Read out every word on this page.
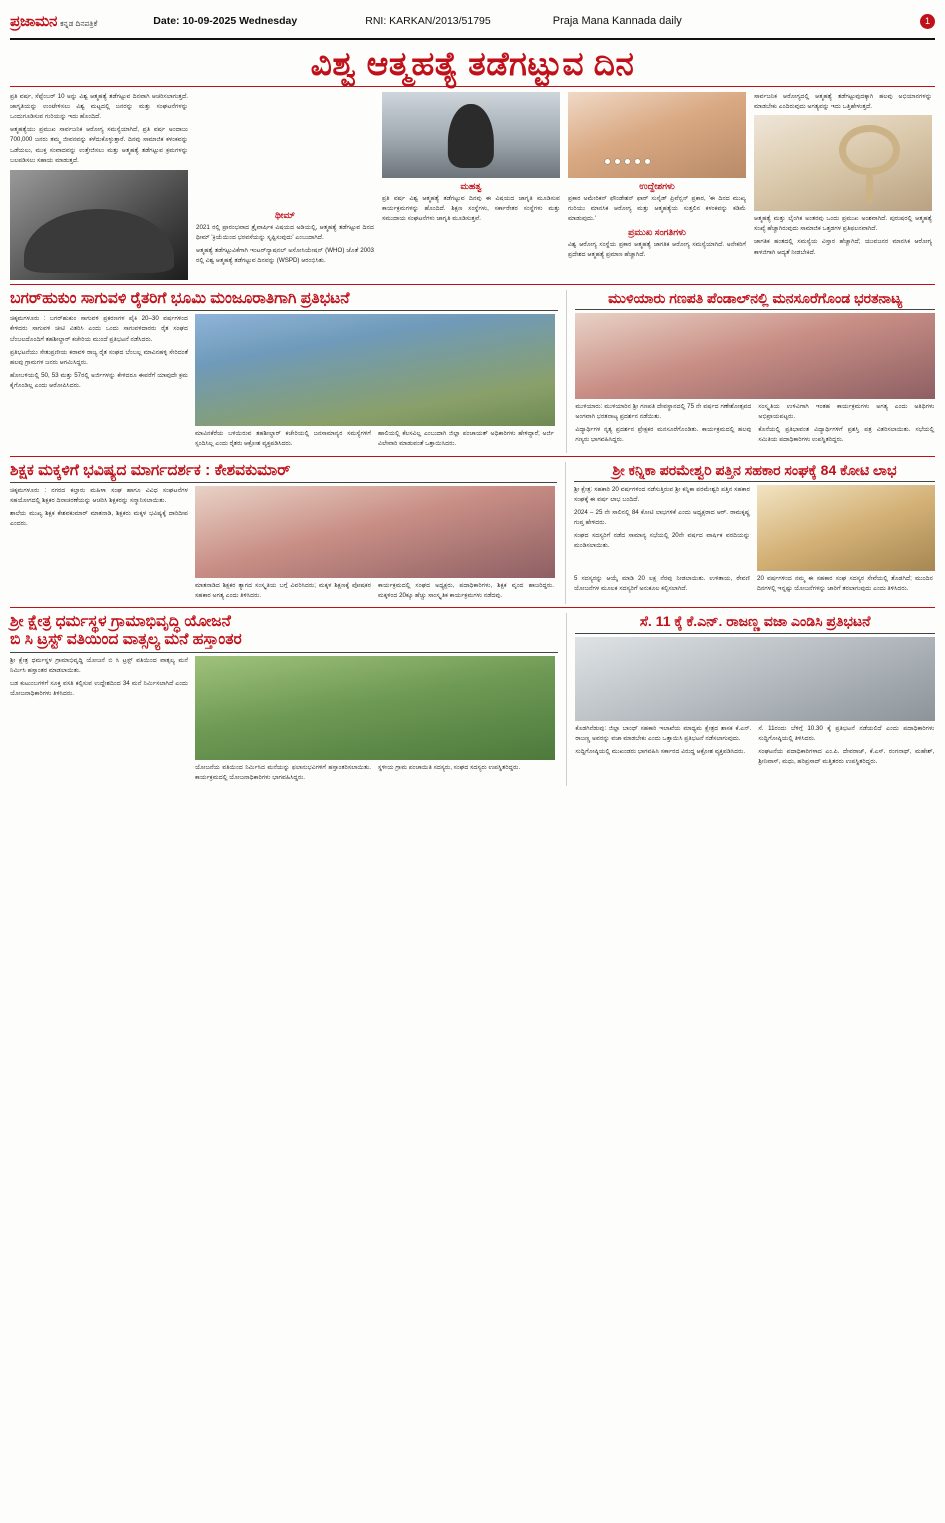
ಪ್ರಜಾ‌ಮನ ಕನ್ನಡ ದಿನಪತ್ರಿಕೆ	Date: 10-09-2025 Wednesday	RNI: KARKAN/2013/51795	Praja Mana Kannada daily	1
ವಿಶ್ವ ಆತ್ಮಹತ್ಯೆ ತಡೆಗಟ್ಟುವ ದಿನ

ಪ್ರತಿ ವರ್ಷ, ಸೆಪ್ಟೆಂಬರ್ 10 ಅನ್ನು ವಿಶ್ವ ಆತ್ಮಹತ್ಯೆ ತಡೆಗಟ್ಟುವ ದಿನವಾಗಿ ಆಚರಿಸಲಾಗುತ್ತದೆ. ಜಾಗೃತಿಯನ್ನು ಉಂಟೇಳಿಸಲು ವಿಶ್ವ ಮಟ್ಟದಲ್ಲಿ ಜನರನ್ನು ಮತ್ತು ಸಂಘಟನೆಗಳನ್ನು ಒಂದುಗೂಡಿಸುವ ಗುರಿಯನ್ನು ಇದು ಹೊಂದಿದೆ.

ಆತ್ಮಹತ್ಯೆಯು ಪ್ರಮುಖ ಸಾರ್ವಜನಿಕ ಆರೋಗ್ಯ ಸಮಸ್ಯೆಯಾಗಿದೆ, ಪ್ರತಿ ವರ್ಷ ಅಂದಾಜು 700,000 ಜನರು ತಮ್ಮ ಜೀವನವನ್ನು ಕಳೆದುಕೊಳ್ಳುತ್ತಾರೆ. ದಿನವು ಸಾಮಾಜಿಕ ಕಳಂಕವನ್ನು ಒಡೆಯಲು, ಮುಕ್ತ ಸಂವಾದವನ್ನು ಉತ್ತೇಜಿಸಲು ಮತ್ತು ಆತ್ಮಹತ್ಯೆ ತಡೆಗಟ್ಟುವ ಕ್ರಮಗಳನ್ನು ಬಲಪಡಿಸಲು ಸಹಾಯ ಮಾಡುತ್ತದೆ.

ಥೀಮ್

2021 ರಲ್ಲಿ ಪ್ರಾರಂಭವಾದ ತ್ರೈವಾರ್ಷಿಕ ವಿಷಯದ ಅಡಿಯಲ್ಲಿ, ಆತ್ಮಹತ್ಯೆ ತಡೆಗಟ್ಟುವ ದಿನದ ಥೀಮ್ 'ಕ್ರಿಯೆಯಿಂದ ಭರವಸೆಯನ್ನು ಸೃಷ್ಟಿಸುವುದು' ಎಂಬುದಾಗಿದೆ.

ಆತ್ಮಹತ್ಯೆ ತಡೆಗಟ್ಟುವಿಕೆಗಾಗಿ ಇಂಟರ್‌ನ್ಯಾಷನಲ್ ಅಸೋಸಿಯೇಷನ್ (WHO) ಜೊತೆ 2003 ರಲ್ಲಿ ವಿಶ್ವ ಆತ್ಮಹತ್ಯೆ ತಡೆಗಟ್ಟುವ ದಿನವನ್ನು (WSPD) ಆರಂಭಿಸಿತು.

ಮಹತ್ವ

ಪ್ರತಿ ವರ್ಷ ವಿಶ್ವ ಆತ್ಮಹತ್ಯೆ ತಡೆಗಟ್ಟುವ ದಿನವು ಈ ವಿಷಯದ ಜಾಗೃತಿ ಮೂಡಿಸುವ ಕಾರ್ಯಕ್ರಮಗಳನ್ನು ಹೊಂದಿದೆ. ಶಿಕ್ಷಣ ಸಂಸ್ಥೆಗಳು, ಸರ್ಕಾರೇತರ ಸಂಸ್ಥೆಗಳು ಮತ್ತು ಸಮುದಾಯ ಸಂಘಟನೆಗಳು ಜಾಗೃತಿ ಮೂಡಿಸುತ್ತವೆ.

ಉದ್ದೇಶಗಳು

ಪ್ರಕಾರ ಅಮೇರಿಕನ್ ಫೌಂಡೇಶನ್ ಫಾರ್ ಸುಸೈಡ್ ಪ್ರಿವೆನ್ಷನ್ ಪ್ರಕಾರ, 'ಈ ದಿನದ ಮುಖ್ಯ ಗುರಿಯು ಮಾನಸಿಕ ಆರೋಗ್ಯ ಮತ್ತು ಆತ್ಮಹತ್ಯೆಯ ಸುತ್ತಲಿನ ಕಳಂಕವನ್ನು ಕಡಿಮೆ ಮಾಡುವುದು.'

ಪ್ರಮುಖ ಸಂಗತಿಗಳು

ವಿಶ್ವ ಆರೋಗ್ಯ ಸಂಸ್ಥೆಯ ಪ್ರಕಾರ ಆತ್ಮಹತ್ಯೆ ಜಾಗತಿಕ ಆರೋಗ್ಯ ಸಮಸ್ಯೆಯಾಗಿದೆ. ಅನೇಕರಿಗೆ ಪ್ರದೇಶದ ಆತ್ಮಹತ್ಯೆ ಪ್ರಮಾಣ ಹೆಚ್ಚಾಗಿದೆ.

ಸಾರ್ವಜನಿಕ ಆರೋಗ್ಯದಲ್ಲಿ ಆತ್ಮಹತ್ಯೆ ತಡೆಗಟ್ಟುವುದಕ್ಕಾಗಿ ಹಲವು ಅಭಿಯಾನಗಳನ್ನು ಮಾಡಬೇಕು ಎಂದಿರುವುದು ಅಗತ್ಯವನ್ನು ಇದು ಒತ್ತಿಹೇಳುತ್ತದೆ.

ಆತ್ಮಹತ್ಯೆ ಮತ್ತು ಲೈಂಗಿಕ ಅಂತರವು ಒಂದು ಪ್ರಮುಖ ಅಂಶವಾಗಿದೆ. ಪುರುಷರಲ್ಲಿ ಆತ್ಮಹತ್ಯೆ ಸಂಖ್ಯೆ ಹೆಚ್ಚಾಗಿರುವುದು ಸಾಮಾಜಿಕ ಒತ್ತಡಗಳ ಪ್ರತಿಫಲನವಾಗಿದೆ.

ಜಾಗತಿಕ ಹಂತದಲ್ಲಿ ಸಮಸ್ಯೆಯ ವಿಸ್ತಾರ ಹೆಚ್ಚಾಗಿದೆ; ಯುವಜನರ ಮಾನಸಿಕ ಆರೋಗ್ಯ ಕಾಳಜಿಗಾಗಿ ಆದ್ಯತೆ ನೀಡಬೇಕಿದೆ.

ಬಗರ್‌ಹುಕುಂ ಸಾಗುವಳಿ ರೈತರಿಗೆ ಭೂಮಿ ಮಂಜೂರಾತಿಗಾಗಿ ಪ್ರತಿಭಟನೆ

ಚಿಕ್ಕಮಗಳೂರು : ಬಗರ್‌ಹುಕುಂ ಸಾಗುವಳಿ ಪ್ರಕರಣಗಳ ಪೈಕಿ 20–30 ವರ್ಷಗಳಿಂದ ಕೇಳಿದರು ಸಾಗುವಳಿ ಚೀಟಿ ವಿತರಿಸಿ ಎಂದು ಒಂದು ಸಾಗುವಳಿದಾರರು ರೈತ ಸಂಘದ ಬೆಂಬಲದೊಂದಿಗೆ ತಹಶೀಲ್ದಾರ್ ಕಚೇರಿಯ ಮುಂದೆ ಪ್ರತಿಭಟನೆ ನಡೆಸಿದರು.

ಪ್ರತಿಭಟನೆಯು ಸೇತುಪ್ರಣೀಯ ಕರಾವಳಿ ರಾಜ್ಯ ರೈತ ಸಂಘದ ಬೆಂಬಲ್ಲ ಮಾವಿನಹಳ್ಳಿ ಸೇರಿದಂತೆ ಹಲವು ಗ್ರಾಮಗಳ ಜನರು ಆಗಮಿಸಿದ್ದರು.

ಹೋಬಳಿಯಲ್ಲಿ 50, 53 ಮತ್ತು 57ರಲ್ಲಿ ಅರ್ಜಿಗಳನ್ನು ಕೇಳಿದರೂ ಈವರೆಗೆ ಯಾವುದೇ ಕ್ರಮ ಕೈಗೊಂಡಿಲ್ಲ ಎಂದು ಆರೋಪಿಸಿದರು.

ಮಾವಿನಕೆರೆಯ ಬಳಿಯಿರುವ ತಹಶೀಲ್ದಾರ್ ಕಚೇರಿಯಲ್ಲಿ ಜನಸಾಮಾನ್ಯರ ಸಮಸ್ಯೆಗಳಿಗೆ ಸ್ಪಂದಿಸಿಲ್ಲ ಎಂದು ರೈತರು ಆಕ್ರೋಶ ವ್ಯಕ್ತಪಡಿಸಿದರು.

ಹಾಲಿಯಲ್ಲಿ ಕೆಲಸವಿಲ್ಲ ಎಂಬುದಾಗಿ ಜಿಲ್ಲಾ ಪಂಚಾಯತ್ ಅಧಿಕಾರಿಗಳು ಹೇಳಿದ್ದಾರೆ; ಅರ್ಜಿ ವಿಲೇವಾರಿ ಮಾಡುವಂತೆ ಒತ್ತಾಯಿಸಿದರು.

ಮುಳಿಯಾರು ಗಣಪತಿ ಪೆಂಡಾಲ್‌ನಲ್ಲಿ ಮನಸೂರೆಗೊಂಡ ಭರತನಾಟ್ಯ

ಮುಳಿಯಾರು: ಮುಳಿಯಾರಿನ ಶ್ರೀ ಗಣಪತಿ ದೇವಸ್ಥಾನದಲ್ಲಿ 75 ನೇ ವರ್ಷದ ಗಣೇಶೋತ್ಸವದ ಅಂಗವಾಗಿ ಭರತನಾಟ್ಯ ಪ್ರದರ್ಶನ ನಡೆಯಿತು.

ವಿದ್ಯಾರ್ಥಿಗಳ ನೃತ್ಯ ಪ್ರದರ್ಶನ ಪ್ರೇಕ್ಷಕರ ಮನಸೂರೆಗೊಂಡಿತು. ಕಾರ್ಯಕ್ರಮದಲ್ಲಿ ಹಲವು ಗಣ್ಯರು ಭಾಗವಹಿಸಿದ್ದರು.

ಸಂಸ್ಕೃತಿಯ ಉಳಿವಿಗಾಗಿ ಇಂತಹ ಕಾರ್ಯಕ್ರಮಗಳು ಅಗತ್ಯ ಎಂದು ಅತಿಥಿಗಳು ಅಭಿಪ್ರಾಯಪಟ್ಟರು.

ಕೊನೆಯಲ್ಲಿ ಪ್ರತಿಭಾವಂತ ವಿದ್ಯಾರ್ಥಿಗಳಿಗೆ ಪ್ರಶಸ್ತಿ ಪತ್ರ ವಿತರಿಸಲಾಯಿತು. ಸಭೆಯಲ್ಲಿ ಸಮಿತಿಯ ಪದಾಧಿಕಾರಿಗಳು ಉಪಸ್ಥಿತರಿದ್ದರು.

ಶಿಕ್ಷಕ ಮಕ್ಕಳಿಗೆ ಭವಿಷ್ಯದ ಮಾರ್ಗದರ್ಶಕ : ಕೇಶವಕುಮಾರ್

ಚಿಕ್ಕಮಗಳೂರು : ನಗರದ ಕಲ್ತಾರು ಮಹಿಳಾ ಸಂಘ ಹಾಗೂ ವಿವಿಧ ಸಂಘಟನೆಗಳ ಸಹಯೋಗದಲ್ಲಿ ಶಿಕ್ಷಕರ ದಿನಾಚರಣೆಯನ್ನು ಆಚರಿಸಿ ಶಿಕ್ಷಕರನ್ನು ಸನ್ಮಾನಿಸಲಾಯಿತು.

ಶಾಲೆಯ ಮುಖ್ಯ ಶಿಕ್ಷಕ ಕೇಶವಕುಮಾರ್ ಮಾತನಾಡಿ, ಶಿಕ್ಷಕರು ಮಕ್ಕಳ ಭವಿಷ್ಯಕ್ಕೆ ದಾರಿದೀಪ ಎಂದರು.

ಮಾತನಾಡಿದ ಶಿಕ್ಷಕರ ತ್ಯಾಗದ ಸಂಸ್ಕೃತಿಯ ಬಗ್ಗೆ ವಿವರಿಸಿದರು; ಮಕ್ಕಳ ಶಿಕ್ಷಣಕ್ಕೆ ಪೋಷಕರ ಸಹಕಾರ ಅಗತ್ಯ ಎಂದು ತಿಳಿಸಿದರು.

ಕಾರ್ಯಕ್ರಮದಲ್ಲಿ ಸಂಘದ ಅಧ್ಯಕ್ಷರು, ಪದಾಧಿಕಾರಿಗಳು, ಶಿಕ್ಷಕ ವೃಂದ ಹಾಜರಿದ್ದರು. ಮಕ್ಕಳಿಂದ 20ಕ್ಕೂ ಹೆಚ್ಚು ಸಾಂಸ್ಕೃತಿಕ ಕಾರ್ಯಕ್ರಮಗಳು ನಡೆದವು.

ಶ್ರೀ ಕನ್ನಿಕಾ ಪರಮೇಶ್ವರಿ ಪತ್ತಿನ ಸಹಕಾರ ಸಂಘಕ್ಕೆ 84 ಕೋಟಿ ಲಾಭ

ಶ್ರೀ ಕ್ಷೇತ್ರ: ಸಹಕಾರಿ 20 ವರ್ಷಗಳಿಂದ ನಡೆಸುತ್ತಿರುವ ಶ್ರೀ ಕನ್ನಿಕಾ ಪರಮೇಶ್ವರಿ ಪತ್ತಿನ ಸಹಕಾರ ಸಂಘಕ್ಕೆ ಈ ವರ್ಷ ಲಾಭ ಬಂದಿದೆ.

2024 – 25 ನೇ ಸಾಲಿನಲ್ಲಿ 84 ಕೋಟಿ ಲಾಭಗಳಿಕೆ ಎಂದು ಅಧ್ಯಕ್ಷರಾದ ಆರ್. ರಾಮಕೃಷ್ಣ ಗುಪ್ತ ಹೇಳಿದರು.

ಸಂಘದ ಸದಸ್ಯರಿಗೆ ನಡೆದ ಸಾಮಾನ್ಯ ಸಭೆಯಲ್ಲಿ 20ನೇ ವರ್ಷದ ವಾರ್ಷಿಕ ವರದಿಯನ್ನು ಮಂಡಿಸಲಾಯಿತು.

5 ಸದಸ್ಯರನ್ನು ಆಯ್ಕೆ ಮಾಡಿ 20 ಲಕ್ಷ ನೆರವು ನೀಡಲಾಯಿತು. ಉಳಿತಾಯ, ಠೇವಣಿ ಯೋಜನೆಗಳ ಮೂಲಕ ಸದಸ್ಯರಿಗೆ ಅನುಕೂಲ ಕಲ್ಪಿಸಲಾಗಿದೆ.

20 ವರ್ಷಗಳಿಂದ ನಮ್ಮ ಈ ಸಹಕಾರ ಸಂಘ ಸದಸ್ಯರ ಸೇವೆಯಲ್ಲಿ ತೊಡಗಿದೆ; ಮುಂದಿನ ದಿನಗಳಲ್ಲಿ ಇನ್ನಷ್ಟು ಯೋಜನೆಗಳನ್ನು ಜಾರಿಗೆ ತರಲಾಗುವುದು ಎಂದು ತಿಳಿಸಿದರು.

ಶ್ರೀ ಕ್ಷೇತ್ರ ಧರ್ಮಸ್ಥಳ ಗ್ರಾಮಾಭಿವೃದ್ಧಿ ಯೋಜನೆ
ಬಿ ಸಿ ಟ್ರಸ್ಟ್ ವತಿಯಿಂದ ವಾತ್ಸಲ್ಯ ಮನೆ ಹಸ್ತಾಂತರ

ಶ್ರೀ ಕ್ಷೇತ್ರ ಧರ್ಮಸ್ಥಳ ಗ್ರಾಮಾಭಿವೃದ್ಧಿ ಯೋಜನೆ ಬಿ ಸಿ ಟ್ರಸ್ಟ್ ವತಿಯಿಂದ ವಾತ್ಸಲ್ಯ ಮನೆ ನಿರ್ಮಿಸಿ ಹಸ್ತಾಂತರ ಮಾಡಲಾಯಿತು.

ಬಡ ಕುಟುಂಬಗಳಿಗೆ ಸೂಕ್ತ ವಸತಿ ಕಲ್ಪಿಸುವ ಉದ್ದೇಶದಿಂದ 34 ಮನೆ ನಿರ್ಮಿಸಲಾಗಿದೆ ಎಂದು ಯೋಜನಾಧಿಕಾರಿಗಳು ತಿಳಿಸಿದರು.

ಯೋಜನೆಯ ವತಿಯಿಂದ ನಿರ್ಮಿಸಿದ ಮನೆಯನ್ನು ಫಲಾನುಭವಿಗಳಿಗೆ ಹಸ್ತಾಂತರಿಸಲಾಯಿತು. ಕಾರ್ಯಕ್ರಮದಲ್ಲಿ ಯೋಜನಾಧಿಕಾರಿಗಳು ಭಾಗವಹಿಸಿದ್ದರು.

ಸ್ಥಳೀಯ ಗ್ರಾಮ ಪಂಚಾಯಿತಿ ಸದಸ್ಯರು, ಸಂಘದ ಸದಸ್ಯರು ಉಪಸ್ಥಿತರಿದ್ದರು.

ಸೆ. 11 ಕ್ಕೆ ಕೆ.ಎನ್. ರಾಜಣ್ಣ ವಜಾ ಎಂಡಿಸಿ ಪ್ರತಿಭಟನೆ

ಕೊಡಗಿನೆಡುವು: ಜಿಲ್ಲಾ ಬಾಂಧ್ ಸಹಕಾರಿ ಇಲಾಖೆಯ ಮಾಧ್ಯಮ ಕ್ಷೇತ್ರದ ಶಾಸಕ ಕೆ.ಎನ್. ರಾಜಣ್ಣ ಅವರನ್ನು ವಜಾ ಮಾಡಬೇಕು ಎಂದು ಒತ್ತಾಯಿಸಿ ಪ್ರತಿಭಟನೆ ನಡೆಸಲಾಗುವುದು.

ಸುದ್ದಿಗೋಷ್ಠಿಯಲ್ಲಿ ಮುಖಂಡರು ಭಾಗವಹಿಸಿ ಸರ್ಕಾರದ ವಿರುದ್ಧ ಆಕ್ರೋಶ ವ್ಯಕ್ತಪಡಿಸಿದರು.

ಸೆ. 11ರಂದು ಬೆಳಿಗ್ಗೆ 10.30 ಕ್ಕೆ ಪ್ರತಿಭಟನೆ ನಡೆಯಲಿದೆ ಎಂದು ಪದಾಧಿಕಾರಿಗಳು ಸುದ್ದಿಗೋಷ್ಠಿಯಲ್ಲಿ ತಿಳಿಸಿದರು.

ಸಂಘಟನೆಯ ಪದಾಧಿಕಾರಿಗಳಾದ ಎಂ.ಪಿ. ದೇವರಾಜ್, ಕೆ.ಎಸ್. ರಂಗನಾಥ್, ಮಹೇಶ್, ಶ್ರೀನಿವಾಸ್, ಮಧು, ಹರಿಪ್ರಸಾದ್ ಮತ್ತಿತರರು ಉಪಸ್ಥಿತರಿದ್ದರು.
